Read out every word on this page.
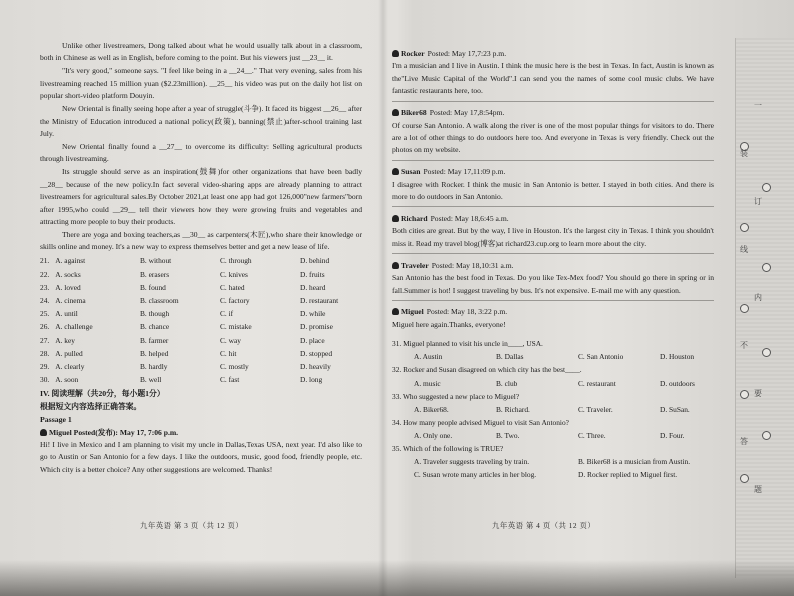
Unlike other livestreamers, Dong talked about what he would usually talk about in a classroom, both in Chinese as well as in English, before coming to the point. But his viewers just __23__ it.

"It's very good," someone says. "I feel like being in a __24__." That very evening, sales from his livestreaming reached 15 million yuan ($2.23million). __25__ his video was put on the daily hot list on popular short-video platform Douyin.

New Oriental is finally seeing hope after a year of struggle(斗争). It faced its biggest __26__ after the Ministry of Education introduced a national policy(政策), banning(禁止)after-school training last July.

New Oriental finally found a __27__ to overcome its difficulty: Selling agricultural products through livestreaming.

Its struggle should serve as an inspiration(鼓舞)for other organizations that have been badly __28__ because of the new policy.In fact several video-sharing apps are already planning to attract livestreamers for agricultural sales.By October 2021,at least one app had got 126,000"new farmers"born after 1995,who could __29__ tell their viewers how they were growing fruits and vegetables and attracting more people to buy their products.

There are yoga and boxing teachers,as __30__ as carpenters(木匠),who share their knowledge or skills online and money. It's a new way to express themselves better and get a new lease of life.

21. A. against	B. without	C. through	D. behind
22. A. socks	B. erasers	C. knives	D. fruits
23. A. loved	B. found	C. hated	D. heard
24. A. cinema	B. classroom	C. factory	D. restaurant
25. A. until	B. though	C. if	D. while
26. A. challenge	B. chance	C. mistake	D. promise
27. A. key	B. farmer	C. way	D. place
28. A. pulled	B. helped	C. hit	D. stopped
29. A. clearly	B. hardly	C. mostly	D. heavily
30. A. soon	B. well	C. fast	D. long

IV. 阅读理解（共20分，每小题1分）

根据短文内容选择正确答案。

Passage 1

Miguel Posted(发布): May 17, 7:06 p.m.

Hi! I live in Mexico and I am planning to visit my uncle in Dallas,Texas USA, next year. I'd also like to go to Austin or San Antonio for a few days. I like the outdoors, music, good food, friendly people, etc. Which city is a better choice? Any other suggestions are welcomed. Thanks!

九年英语 第 3 页（共 12 页）

Rocker Posted: May 17,7:23 p.m.

I'm a musician and I live in Austin. I think the music here is the best in Texas. In fact, Austin is known as the"Live Music Capital of the World".I can send you the names of some cool music clubs. We have fantastic restaurants here, too.

Biker68 Posted: May 17,8:54pm.

Of course San Antonio. A walk along the river is one of the most popular things for visitors to do. There are a lot of other things to do outdoors here too. And everyone in Texas is very friendly. Check out the photos on my website.

Susan Posted: May 17,11:09 p.m.

I disagree with Rocker. I think the music in San Antonio is better. I stayed in both cities. And there is more to do outdoors in San Antonio.

Richard Posted: May 18,6:45 a.m.

Both cities are great. But by the way, I live in Houston. It's the largest city in Texas. I think you shouldn't miss it. Read my travel blog(博客)at richard23.cup.org to learn more about the city.

Traveler Posted: May 18,10:31 a.m.

San Antonio has the best food in Texas. Do you like Tex-Mex food? You should go there in spring or in fall.Summer is hot! I suggest traveling by bus. It's not expensive. E-mail me with any question.

Miguel Posted: May 18, 3:22 p.m.

Miguel here again.Thanks, everyone!

31. Miguel planned to visit his uncle in____, USA.

A. Austin	B. Dallas	C. San Antonio	D. Houston

32. Rocker and Susan disagreed on which city has the best____.

A. music	B. club	C. restaurant	D. outdoors

33. Who suggested a new place to Miguel?

A. Biker68.	B. Richard.	C. Traveler.	D. SuSan.

34. How many people advised Miguel to visit San Antonio?

A. Only one.	B. Two.	C. Three.	D. Four.

35. Which of the following is TRUE?

A. Traveler suggests traveling by train.	B. Biker68 is a musician from Austin.
C. Susan wrote many articles in her blog.	D. Rocker replied to Miguel first.
九年英语 第 4 页（共 12 页）
一
装
订
线
内
不
要
答
题
